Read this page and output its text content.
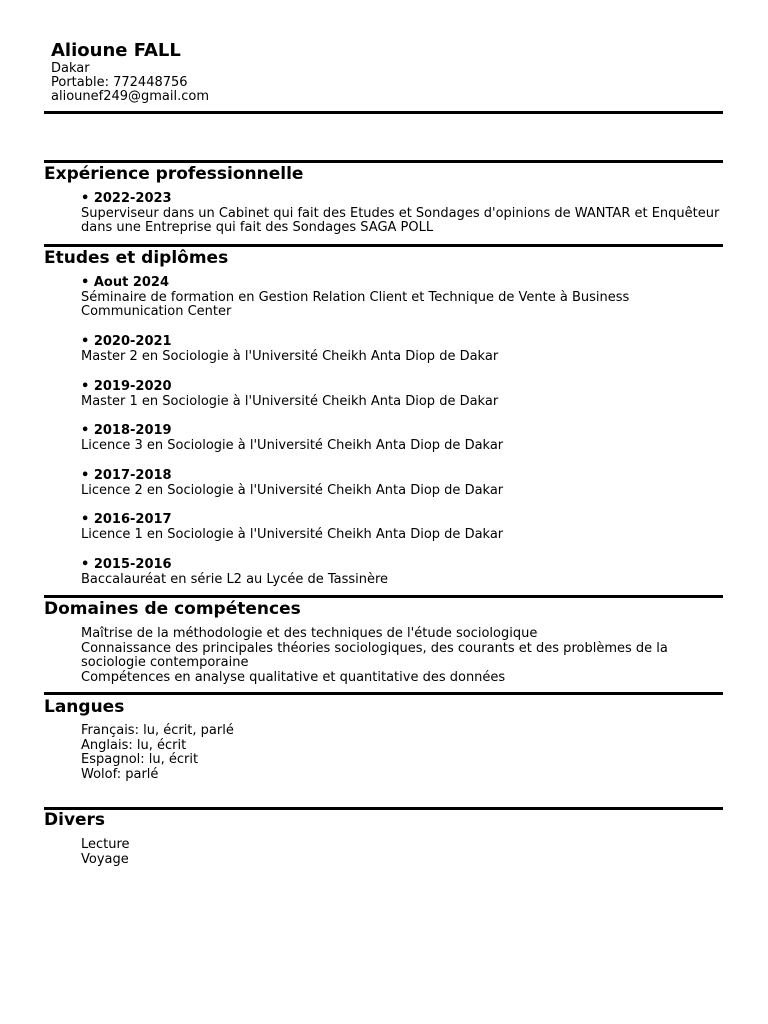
Alioune FALL
Dakar
Portable: 772448756
aliounef249@gmail.com
Expérience professionnelle
• 2022-2023
Superviseur dans un Cabinet qui fait des Etudes et Sondages d'opinions de WANTAR et Enquêteur dans une Entreprise qui fait des Sondages SAGA POLL
Etudes et diplômes
• Aout 2024
Séminaire de formation en Gestion Relation Client et Technique de Vente à Business Communication Center
• 2020-2021
Master 2 en Sociologie à l'Université Cheikh Anta Diop de Dakar
• 2019-2020
Master 1 en Sociologie à l'Université Cheikh Anta Diop de Dakar
• 2018-2019
Licence 3 en Sociologie à l'Université Cheikh Anta Diop de Dakar
• 2017-2018
Licence 2 en Sociologie à l'Université Cheikh Anta Diop de Dakar
• 2016-2017
Licence 1 en Sociologie à l'Université Cheikh Anta Diop de Dakar
• 2015-2016
Baccalauréat en série L2 au Lycée de Tassinère
Domaines de compétences
Maîtrise de la méthodologie et des techniques de l'étude sociologique
Connaissance des principales théories sociologiques, des courants et des problèmes de la sociologie contemporaine
Compétences en analyse qualitative et quantitative des données
Langues
Français: lu, écrit, parlé
Anglais: lu, écrit
Espagnol: lu, écrit
Wolof: parlé
Divers
Lecture
Voyage
